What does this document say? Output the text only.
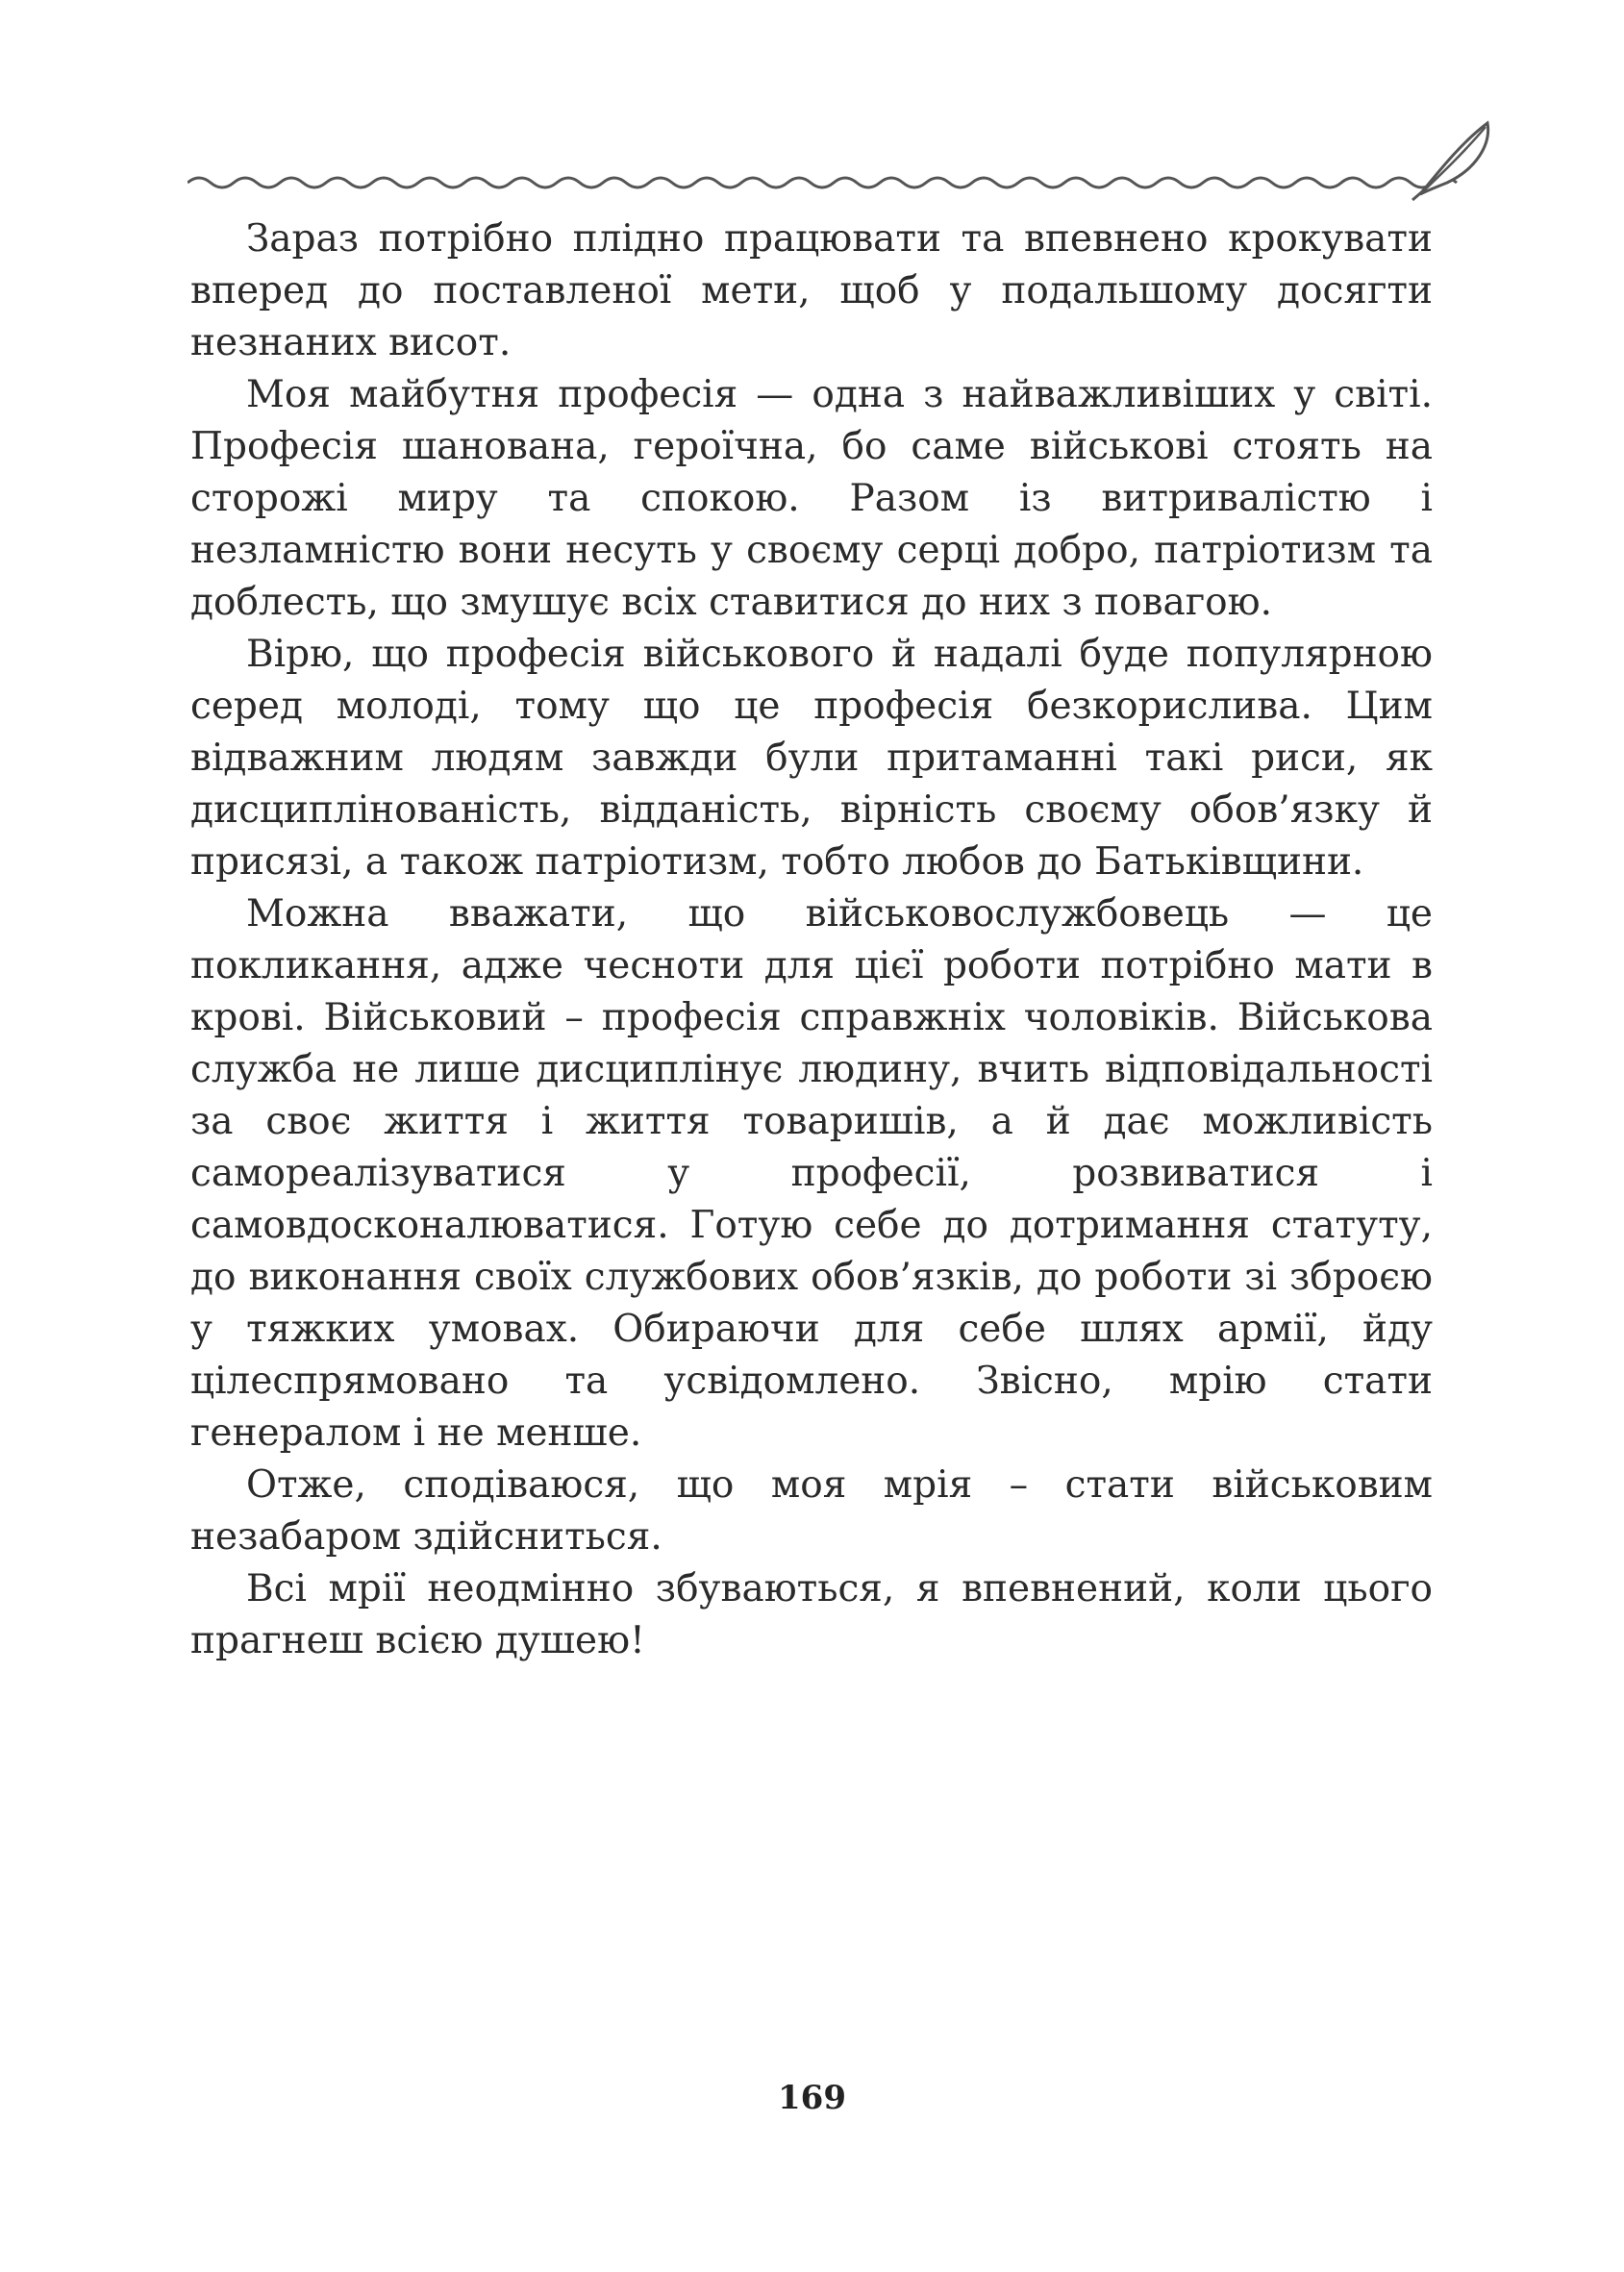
Зараз потрібно плідно працювати та впевнено крокувати вперед до поставленої мети, щоб у подальшому досягти незнаних висот.

Моя майбутня професія — одна з найважливіших у світі. Професія шанована, героїчна, бо саме військові стоять на сторожі миру та спокою. Разом із витривалістю і незламністю вони несуть у своєму серці добро, патріотизм та доблесть, що змушує всіх ставитися до них з повагою.

Вірю, що професія військового й надалі буде популярною серед молоді, тому що це професія безкорислива. Цим відважним людям завжди були притаманні такі риси, як дисциплінованість, відданість, вірність своєму обов’язку й присязі, а також патріотизм, тобто любов до Батьківщини.

Можна вважати, що військовослужбовець — це покликання, адже чесноти для цієї роботи потрібно мати в крові. Військовий – професія справжніх чоловіків. Військова служба не лише дисциплінує людину, вчить відповідальності за своє життя і життя товаришів, а й дає можливість самореалізуватися у професії, розвиватися і самовдосконалюватися. Готую себе до дотримання статуту, до виконання своїх службових обов’язків, до роботи зі зброєю у тяжких умовах. Обираючи для себе шлях армії, йду цілеспрямовано та усвідомлено. Звісно, мрію стати генералом і не менше.

Отже, сподіваюся, що моя мрія – стати військовим незабаром здійсниться.

Всі мрії неодмінно збуваються, я впевнений, коли цього прагнеш всією душею!

169
